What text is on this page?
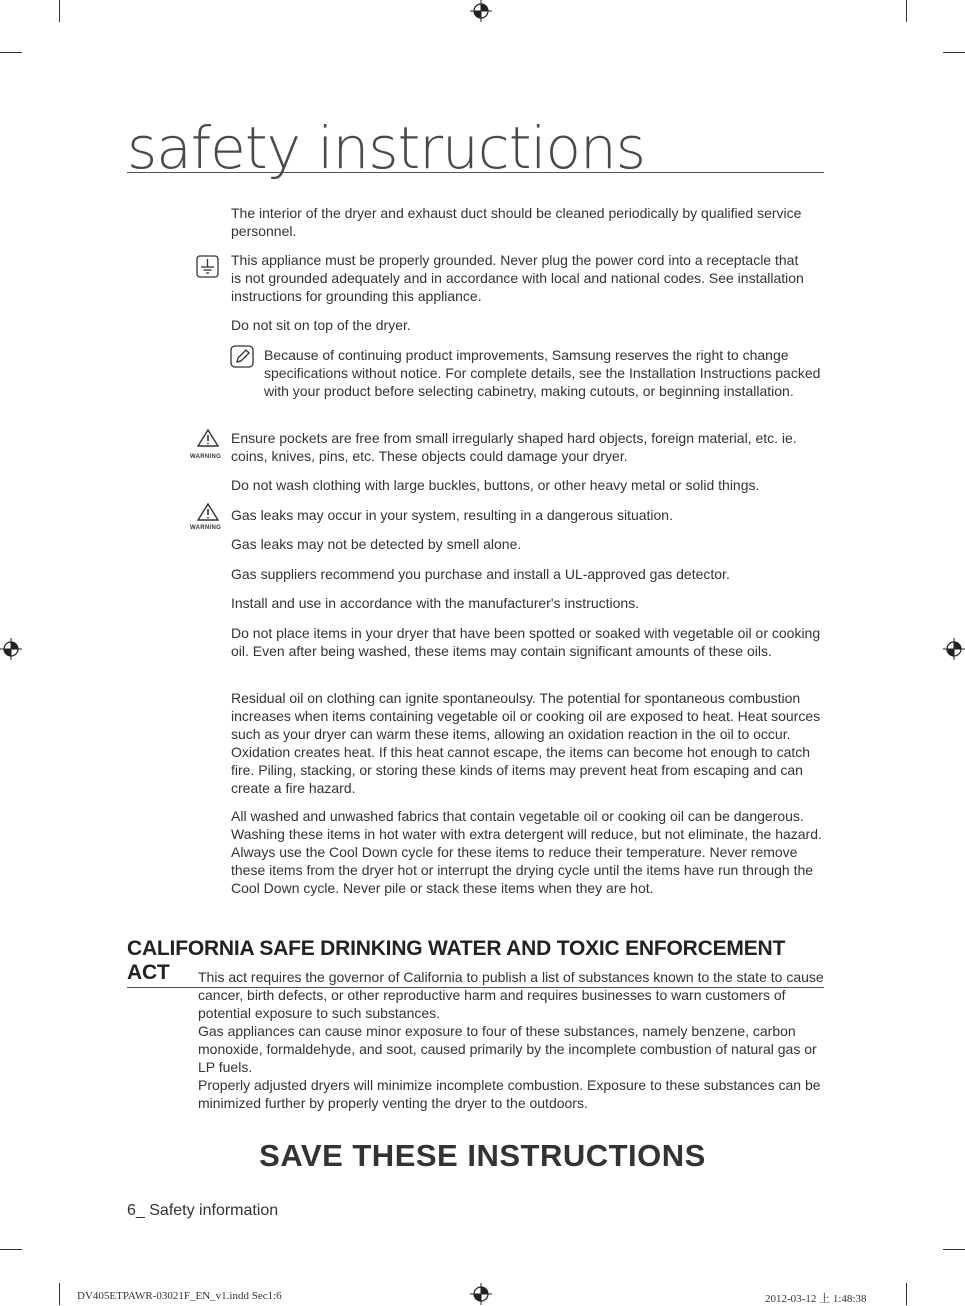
safety instructions

The interior of the dryer and exhaust duct should be cleaned periodically by qualified service personnel.

This appliance must be properly grounded. Never plug the power cord into a receptacle that is not grounded adequately and in accordance with local and national codes. See installation instructions for grounding this appliance.

Do not sit on top of the dryer.

Because of continuing product improvements, Samsung reserves the right to change specifications without notice. For complete details, see the Installation Instructions packed with your product before selecting cabinetry, making cutouts, or beginning installation.

WARNING

Ensure pockets are free from small irregularly shaped hard objects, foreign material, etc. ie. coins, knives, pins, etc. These objects could damage your dryer.

Do not wash clothing with large buckles, buttons, or other heavy metal or solid things.

WARNING

Gas leaks may occur in your system, resulting in a dangerous situation.

Gas leaks may not be detected by smell alone.

Gas suppliers recommend you purchase and install a UL-approved gas detector.

Install and use in accordance with the manufacturer's instructions.

Do not place items in your dryer that have been spotted or soaked with vegetable oil or cooking oil. Even after being washed, these items may contain significant amounts of these oils.

Residual oil on clothing can ignite spontaneoulsy. The potential for spontaneous combustion increases when items containing vegetable oil or cooking oil are exposed to heat. Heat sources such as your dryer can warm these items, allowing an oxidation reaction in the oil to occur. Oxidation creates heat. If this heat cannot escape, the items can become hot enough to catch fire. Piling, stacking, or storing these kinds of items may prevent heat from escaping and can create a fire hazard.

All washed and unwashed fabrics that contain vegetable oil or cooking oil can be dangerous. Washing these items in hot water with extra detergent will reduce, but not eliminate, the hazard. Always use the Cool Down cycle for these items to reduce their temperature. Never remove these items from the dryer hot or interrupt the drying cycle until the items have run through the Cool Down cycle. Never pile or stack these items when they are hot.

CALIFORNIA SAFE DRINKING WATER AND TOXIC ENFORCEMENT ACT	This act requires the governor of California to publish a list of substances known to the state to cause cancer, birth defects, or other reproductive harm and requires businesses to warn customers of potential exposure to such substances.

Gas appliances can cause minor exposure to four of these substances, namely benzene, carbon monoxide, formaldehyde, and soot, caused primarily by the incomplete combustion of natural gas or LP fuels.

Properly adjusted dryers will minimize incomplete combustion. Exposure to these substances can be minimized further by properly venting the dryer to the outdoors.

SAVE THESE INSTRUCTIONS
6_ Safety information
DV405ETPAWR-03021F_EN_v1.indd Sec1:6	2012-03-12 上 1:48:38
